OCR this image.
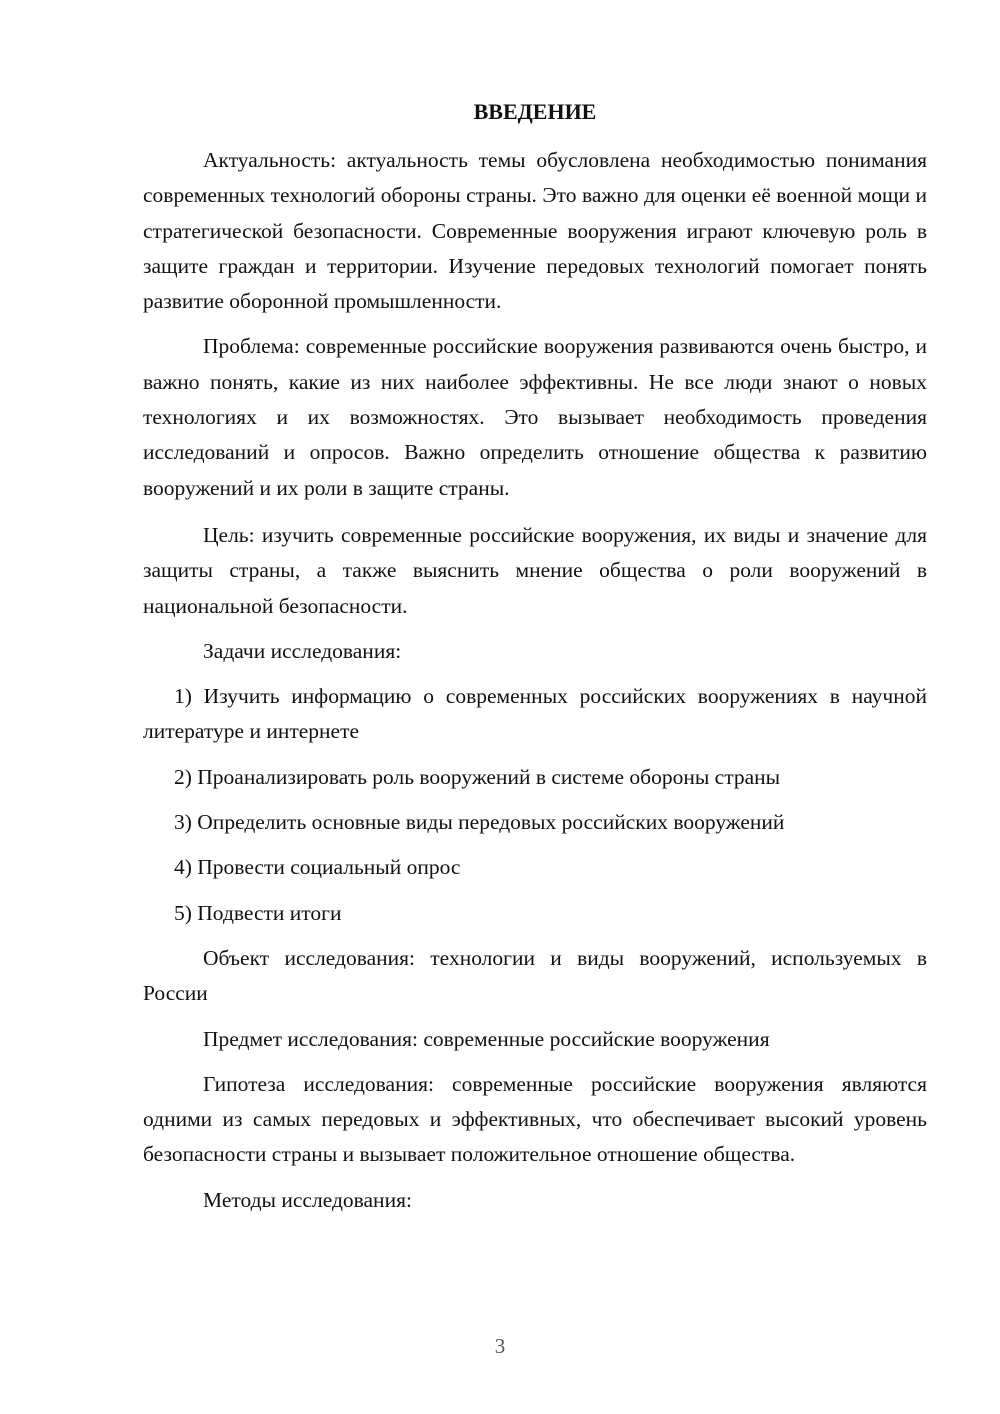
ВВЕДЕНИЕ

Актуальность: актуальность темы обусловлена необходимостью понимания современных технологий обороны страны. Это важно для оценки её военной мощи и стратегической безопасности. Современные вооружения играют ключевую роль в защите граждан и территории. Изучение передовых технологий помогает понять развитие оборонной промышленности.

Проблема: современные российские вооружения развиваются очень быстро, и важно понять, какие из них наиболее эффективны. Не все люди знают о новых технологиях и их возможностях. Это вызывает необходимость проведения исследований и опросов. Важно определить отношение общества к развитию вооружений и их роли в защите страны.

Цель: изучить современные российские вооружения, их виды и значение для защиты страны, а также выяснить мнение общества о роли вооружений в национальной безопасности.

Задачи исследования:

1) Изучить информацию о современных российских вооружениях в научной литературе и интернете

2) Проанализировать роль вооружений в системе обороны страны

3) Определить основные виды передовых российских вооружений

4) Провести социальный опрос

5) Подвести итоги

Объект исследования: технологии и виды вооружений, используемых в России

Предмет исследования: современные российские вооружения

Гипотеза исследования: современные российские вооружения являются одними из самых передовых и эффективных, что обеспечивает высокий уровень безопасности страны и вызывает положительное отношение общества.

Методы исследования:

3
